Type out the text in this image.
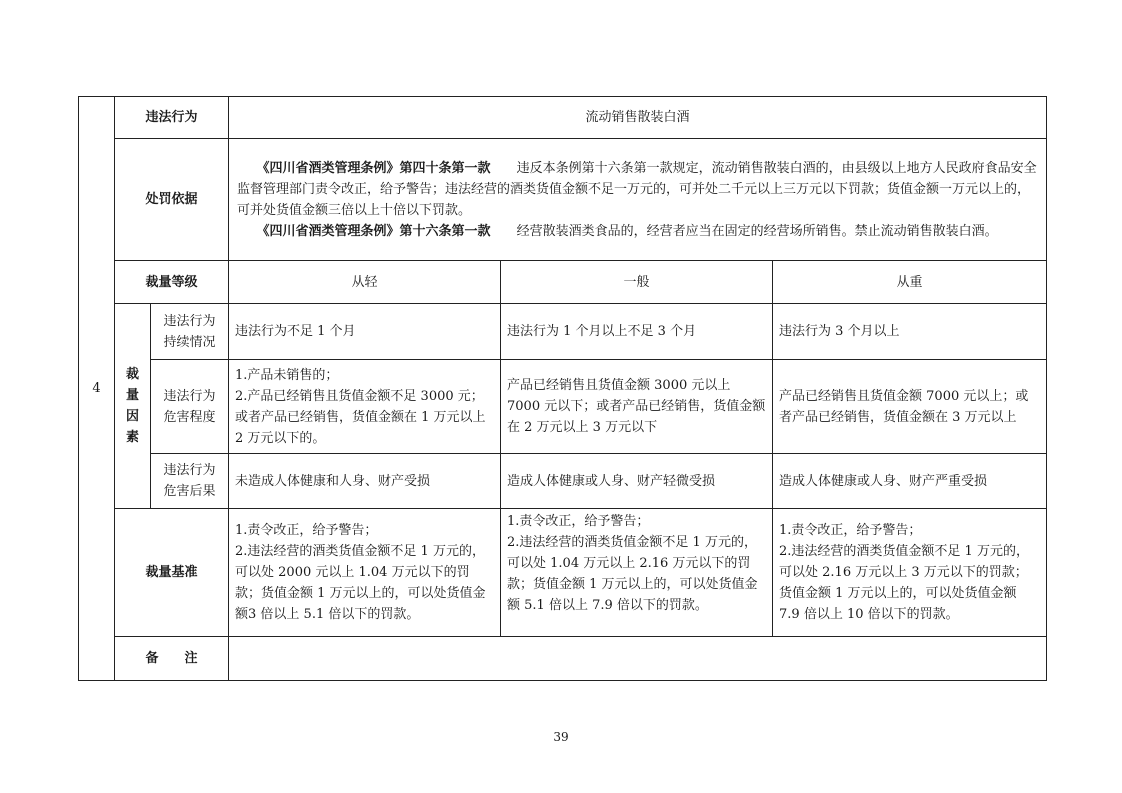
4	违法行为		流动销售散装白酒		
	处罚依据	
　　	《四川省酒类管理条例》第四十条第一款　　 违反本条例第十六条第一款规定，流动销售散装白酒的，由县级以上地方人民政府食品安全监督管理部门责令改正，给予警告；违法经营的酒类货值金额不足一万元的，可并处二千元以上三万元以下罚款；货值金额一万元以上的，可并处货值金额三倍以上十倍以下罚款。
　　《四川省酒类管理条例》第十六条第一款　　 经营散装酒类食品的，经营者应当在固定的经营场所销售。禁止流动销售散装白酒。		

	裁量等级		从轻	一般	从重

	裁
量
因
素	违法行为
持续情况	违法行为不足 1 个月	违法行为 1 个月以上不足 3 个月	违法行为 3 个月以上

		违法行为
危害程度	1.产品未销售的；
2.产品已经销售且货值金额不足 3000 元；或者产品已经销售，货值金额在 1 万元以上 2 万元以下的。	产品已经销售且货值金额 3000 元以上 7000 元以下；或者产品已经销售，货值金额在 2 万元以上 3 万元以下	产品已经销售且货值金额 7000 元以上；或者产品已经销售，货值金额在 3 万元以上

		违法行为
危害后果	未造成人体健康和人身、财产受损	造成人体健康或人身、财产轻微受损	造成人体健康或人身、财产严重受损
	裁量基准		1.责令改正，给予警告；
2.违法经营的酒类货值金额不足 1 万元的，可以处 2000 元以上 1.04 万元以下的罚款；货值金额 1 万元以上的，可以处货值金额3 倍以上 5.1 倍以下的罚款。	1.责令改正，给予警告；
2.违法经营的酒类货值金额不足 1 万元的，可以处 1.04 万元以上 2.16 万元以下的罚款；货值金额 1 万元以上的，可以处货值金额 5.1 倍以上 7.9 倍以下的罚款。	1.责令改正，给予警告；
2.违法经营的酒类货值金额不足 1 万元的，可以处 2.16 万元以上 3 万元以下的罚款；货值金额 1 万元以上的，可以处货值金额 7.9 倍以上 10 倍以下的罚款。
	备　　注				
39
